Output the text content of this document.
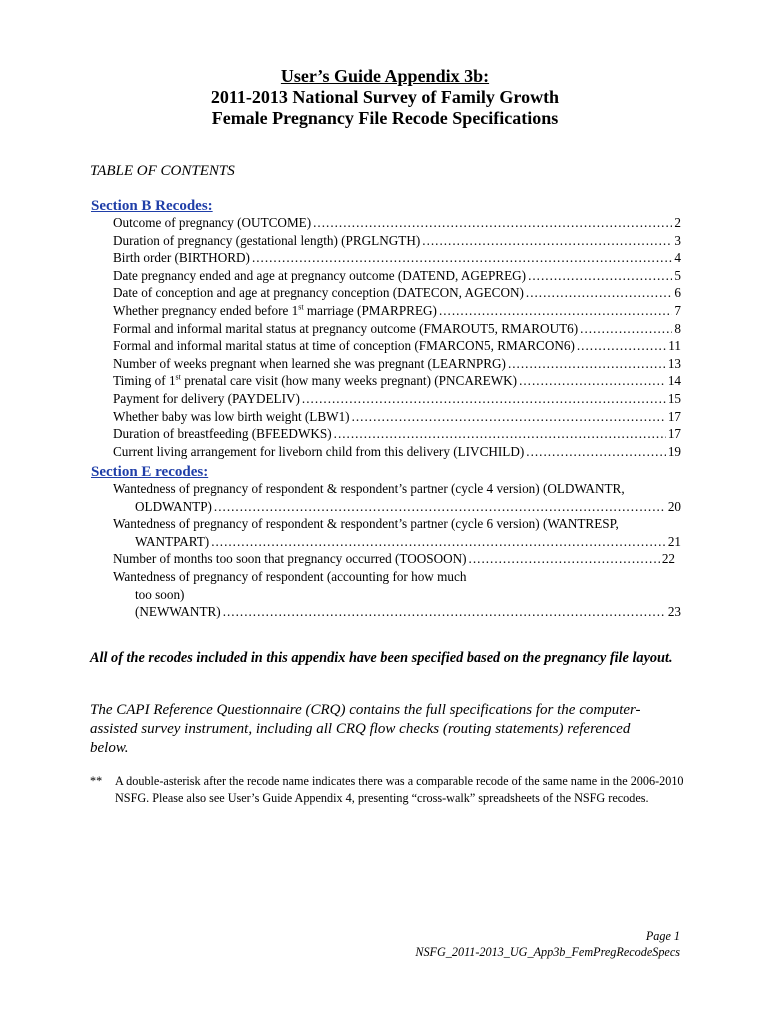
User’s Guide Appendix 3b:
2011-2013 National Survey of Family Growth
Female Pregnancy File Recode Specifications
TABLE OF CONTENTS
Section B Recodes:
Outcome of pregnancy (OUTCOME) .....	2
Duration of pregnancy (gestational length) (PRGLNGTH) .....	3
Birth order (BIRTHORD) .....	4
Date pregnancy ended and age at pregnancy outcome (DATEND, AGEPREG) .....	5
Date of conception and age at pregnancy conception (DATECON, AGECON) .....	6
Whether pregnancy ended before 1st marriage (PMARPREG) .....	7
Formal and informal marital status at pregnancy outcome (FMAROUT5, RMAROUT6) .....	8
Formal and informal marital status at time of conception (FMARCON5, RMARCON6) .....	11
Number of weeks pregnant when learned she was pregnant (LEARNPRG) .....	13
Timing of 1st prenatal care visit (how many weeks pregnant) (PNCAREWK) .....	14
Payment for delivery (PAYDELIV) .....	15
Whether baby was low birth weight (LBW1) .....	17
Duration of breastfeeding (BFEEDWKS) .....	17
Current living arrangement for liveborn child from this delivery (LIVCHILD) .....	19
Section E recodes:
Wantedness of pregnancy of respondent & respondent’s partner (cycle 4 version) (OLDWANTR,
OLDWANTP) .....	20
Wantedness of pregnancy of respondent & respondent’s partner (cycle 6 version) (WANTRESP,
WANTPART) .....	21
Number of months too soon that pregnancy occurred (TOOSOON) .....	22
Wantedness of pregnancy of respondent (accounting for how much
too soon)
(NEWWANTR) .....	23
All of the recodes included in this appendix have been specified based on the pregnancy file layout.
The CAPI Reference Questionnaire (CRQ) contains the full specifications for the computer-assisted survey instrument, including all CRQ flow checks (routing statements) referenced below.
**	A double-asterisk after the recode name indicates there was a comparable recode of the same name in the 2006-2010 NSFG. Please also see User’s Guide Appendix 4, presenting “cross-walk” spreadsheets of the NSFG recodes.
Page 1
NSFG_2011-2013_UG_App3b_FemPregRecodeSpecs
